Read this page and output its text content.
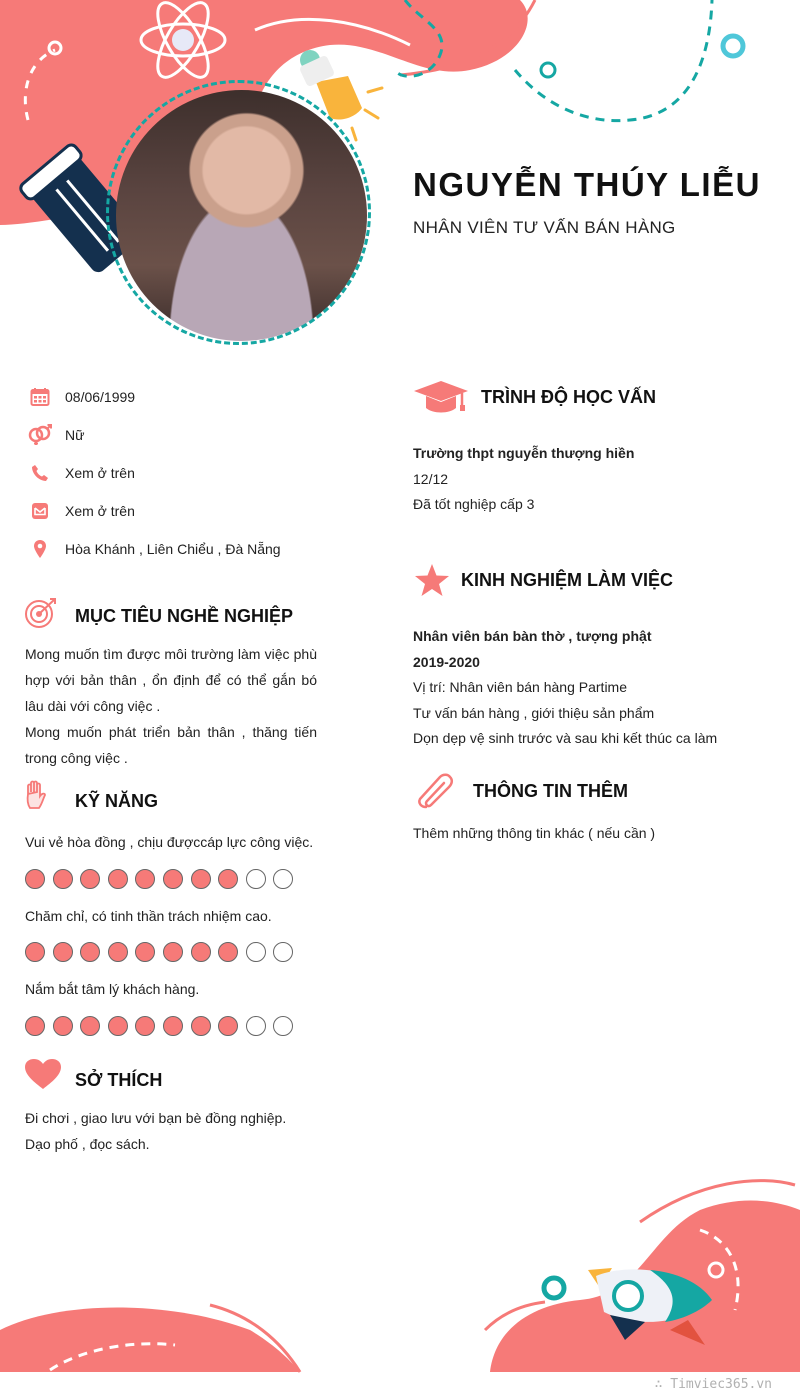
NGUYỄN THÚY LIỄU
NHÂN VIÊN TƯ VẤN BÁN HÀNG
08/06/1999
Nữ
Xem ở trên
Xem ở trên
Hòa Khánh , Liên Chiểu , Đà Nẵng
MỤC TIÊU NGHỀ NGHIỆP
Mong muốn tìm được môi trường làm việc phù hợp với bản thân , ổn định để có thể gắn bó lâu dài với công việc .
Mong muốn phát triển bản thân , thăng tiến trong công việc .
KỸ NĂNG
Vui vẻ hòa đồng , chịu đượccáp lực công việc.
Chăm chỉ, có tinh thần trách nhiệm cao.
Nắm bắt tâm lý khách hàng.
SỞ THÍCH
Đi chơi , giao lưu với bạn bè đồng nghiệp.
Dạo phố , đọc sách.
TRÌNH ĐỘ HỌC VẤN
Trường thpt nguyễn thượng hiền
12/12
Đã tốt nghiệp cấp 3
KINH NGHIỆM LÀM VIỆC
Nhân viên bán bàn thờ , tượng phật
2019-2020
Vị trí: Nhân viên bán hàng Partime
Tư vấn bán hàng , giới thiệu sản phẩm
Dọn dẹp vệ sinh trước và sau khi kết thúc ca làm
THÔNG TIN THÊM
Thêm những thông tin khác ( nếu cần )
∴ Timviec365.vn
